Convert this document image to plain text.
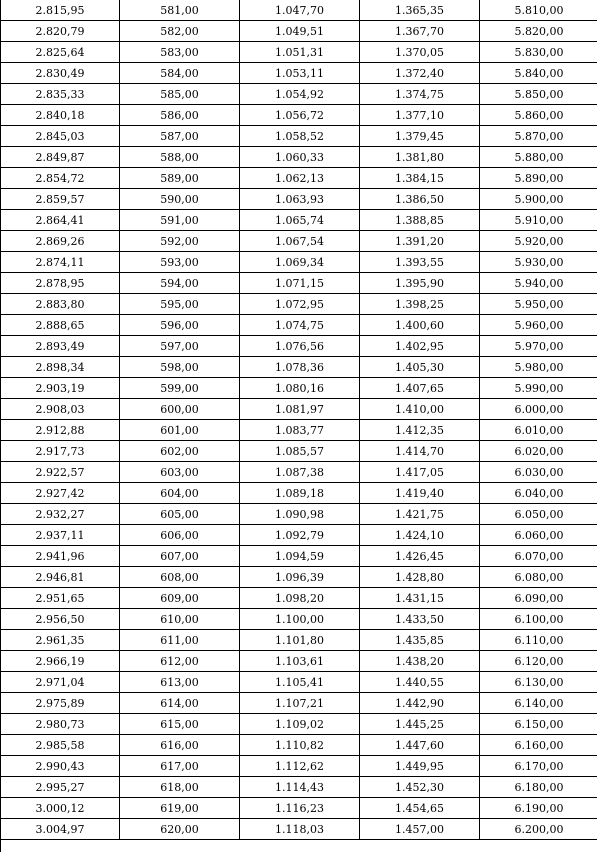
2.815,95	581,00	1.047,70	1.365,35	5.810,00
2.820,79	582,00	1.049,51	1.367,70	5.820,00
2.825,64	583,00	1.051,31	1.370,05	5.830,00
2.830,49	584,00	1.053,11	1.372,40	5.840,00
2.835,33	585,00	1.054,92	1.374,75	5.850,00
2.840,18	586,00	1.056,72	1.377,10	5.860,00
2.845,03	587,00	1.058,52	1.379,45	5.870,00
2.849,87	588,00	1.060,33	1.381,80	5.880,00
2.854,72	589,00	1.062,13	1.384,15	5.890,00
2.859,57	590,00	1.063,93	1.386,50	5.900,00
2.864,41	591,00	1.065,74	1.388,85	5.910,00
2.869,26	592,00	1.067,54	1.391,20	5.920,00
2.874,11	593,00	1.069,34	1.393,55	5.930,00
2.878,95	594,00	1.071,15	1.395,90	5.940,00
2.883,80	595,00	1.072,95	1.398,25	5.950,00
2.888,65	596,00	1.074,75	1.400,60	5.960,00
2.893,49	597,00	1.076,56	1.402,95	5.970,00
2.898,34	598,00	1.078,36	1.405,30	5.980,00
2.903,19	599,00	1.080,16	1.407,65	5.990,00
2.908,03	600,00	1.081,97	1.410,00	6.000,00
2.912,88	601,00	1.083,77	1.412,35	6.010,00
2.917,73	602,00	1.085,57	1.414,70	6.020,00
2.922,57	603,00	1.087,38	1.417,05	6.030,00
2.927,42	604,00	1.089,18	1.419,40	6.040,00
2.932,27	605,00	1.090,98	1.421,75	6.050,00
2.937,11	606,00	1.092,79	1.424,10	6.060,00
2.941,96	607,00	1.094,59	1.426,45	6.070,00
2.946,81	608,00	1.096,39	1.428,80	6.080,00
2.951,65	609,00	1.098,20	1.431,15	6.090,00
2.956,50	610,00	1.100,00	1.433,50	6.100,00
2.961,35	611,00	1.101,80	1.435,85	6.110,00
2.966,19	612,00	1.103,61	1.438,20	6.120,00
2.971,04	613,00	1.105,41	1.440,55	6.130,00
2.975,89	614,00	1.107,21	1.442,90	6.140,00
2.980,73	615,00	1.109,02	1.445,25	6.150,00
2.985,58	616,00	1.110,82	1.447,60	6.160,00
2.990,43	617,00	1.112,62	1.449,95	6.170,00
2.995,27	618,00	1.114,43	1.452,30	6.180,00
3.000,12	619,00	1.116,23	1.454,65	6.190,00
3.004,97	620,00	1.118,03	1.457,00	6.200,00
